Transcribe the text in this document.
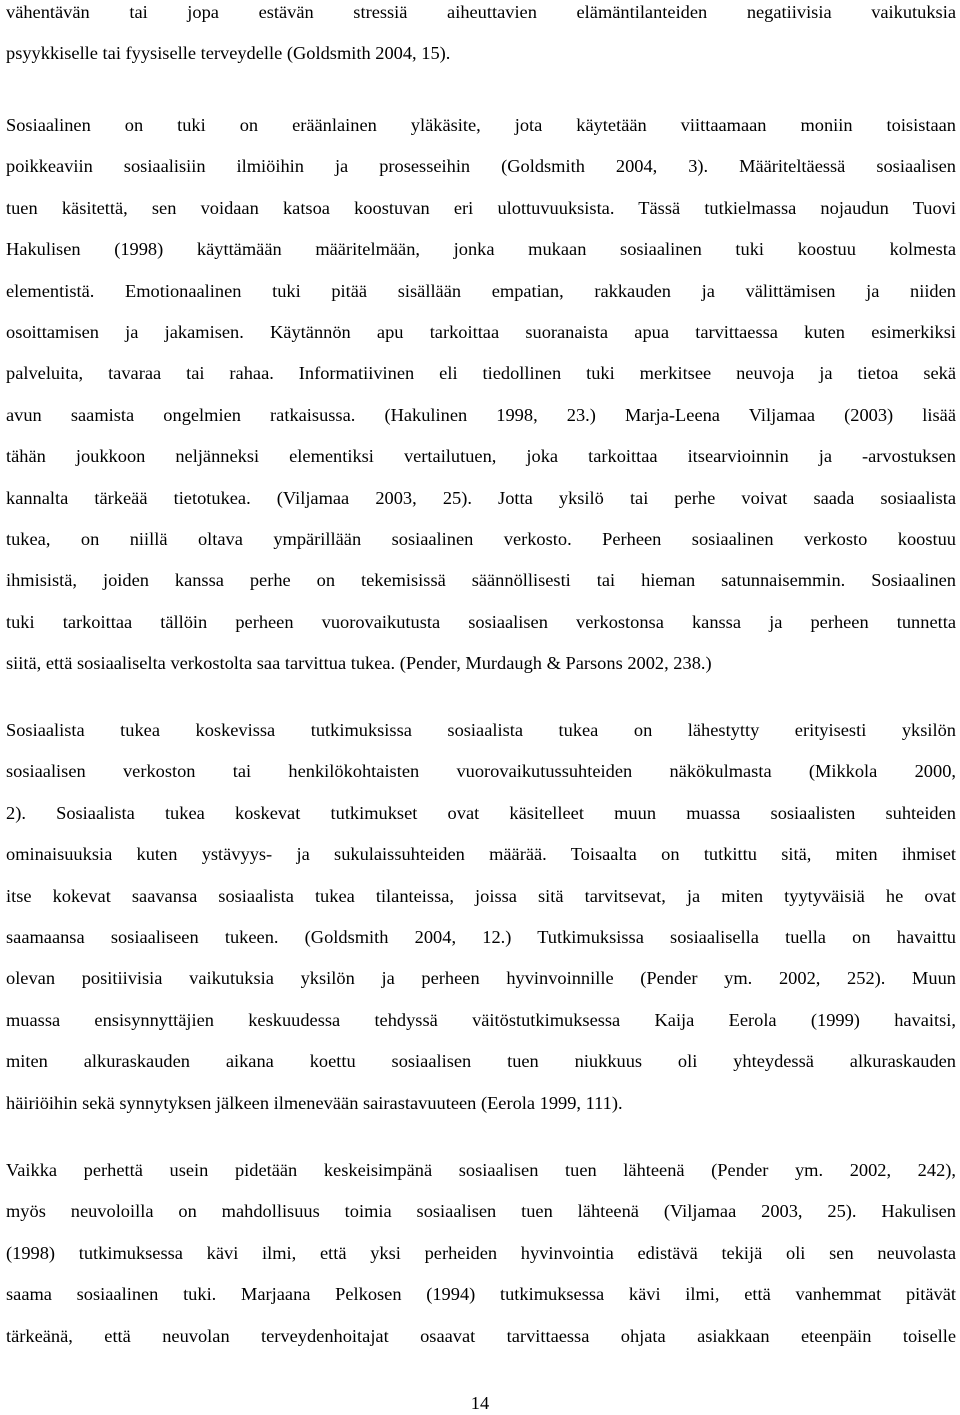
vähentävän tai jopa estävän stressiä aiheuttavien elämäntilanteiden negatiivisia vaikutuksia
psyykkiselle tai fyysiselle terveydelle (Goldsmith 2004, 15).
Sosiaalinen on tuki on eräänlainen yläkäsite, jota käytetään viittaamaan moniin toisistaan
poikkeaviin sosiaalisiin ilmiöihin ja prosesseihin (Goldsmith 2004, 3). Määriteltäessä sosiaalisen
tuen käsitettä, sen voidaan katsoa koostuvan eri ulottuvuuksista. Tässä tutkielmassa nojaudun Tuovi
Hakulisen (1998) käyttämään määritelmään, jonka mukaan sosiaalinen tuki koostuu kolmesta
elementistä. Emotionaalinen tuki pitää sisällään empatian, rakkauden ja välittämisen ja niiden
osoittamisen ja jakamisen. Käytännön apu tarkoittaa suoranaista apua tarvittaessa kuten esimerkiksi
palveluita, tavaraa tai rahaa. Informatiivinen eli tiedollinen tuki merkitsee neuvoja ja tietoa sekä
avun saamista ongelmien ratkaisussa. (Hakulinen 1998, 23.) Marja-Leena Viljamaa (2003) lisää
tähän joukkoon neljänneksi elementiksi vertailutuen, joka tarkoittaa itsearvioinnin ja -arvostuksen
kannalta tärkeää tietotukea. (Viljamaa 2003, 25). Jotta yksilö tai perhe voivat saada sosiaalista
tukea, on niillä oltava ympärillään sosiaalinen verkosto. Perheen sosiaalinen verkosto koostuu
ihmisistä, joiden kanssa perhe on tekemisissä säännöllisesti tai hieman satunnaisemmin. Sosiaalinen
tuki tarkoittaa tällöin perheen vuorovaikutusta sosiaalisen verkostonsa kanssa ja perheen tunnetta
siitä, että sosiaaliselta verkostolta saa tarvittua tukea. (Pender, Murdaugh & Parsons 2002, 238.)
Sosiaalista tukea koskevissa tutkimuksissa sosiaalista tukea on lähestytty erityisesti yksilön
sosiaalisen verkoston tai henkilökohtaisten vuorovaikutussuhteiden näkökulmasta (Mikkola 2000,
2). Sosiaalista tukea koskevat tutkimukset ovat käsitelleet muun muassa sosiaalisten suhteiden
ominaisuuksia kuten ystävyys- ja sukulaissuhteiden määrää. Toisaalta on tutkittu sitä, miten ihmiset
itse kokevat saavansa sosiaalista tukea tilanteissa, joissa sitä tarvitsevat, ja miten tyytyväisiä he ovat
saamaansa sosiaaliseen tukeen. (Goldsmith 2004, 12.) Tutkimuksissa sosiaalisella tuella on havaittu
olevan positiivisia vaikutuksia yksilön ja perheen hyvinvoinnille (Pender ym. 2002, 252). Muun
muassa ensisynnyttäjien keskuudessa tehdyssä väitöstutkimuksessa Kaija Eerola (1999) havaitsi,
miten alkuraskauden aikana koettu sosiaalisen tuen niukkuus oli yhteydessä alkuraskauden
häiriöihin sekä synnytyksen jälkeen ilmenevään sairastavuuteen (Eerola 1999, 111).
Vaikka perhettä usein pidetään keskeisimpänä sosiaalisen tuen lähteenä (Pender ym. 2002, 242),
myös neuvoloilla on mahdollisuus toimia sosiaalisen tuen lähteenä (Viljamaa 2003, 25). Hakulisen
(1998) tutkimuksessa kävi ilmi, että yksi perheiden hyvinvointia edistävä tekijä oli sen neuvolasta
saama sosiaalinen tuki. Marjaana Pelkosen (1994) tutkimuksessa kävi ilmi, että vanhemmat pitävät
tärkeänä, että neuvolan terveydenhoitajat osaavat tarvittaessa ohjata asiakkaan eteenpäin toiselle
14
